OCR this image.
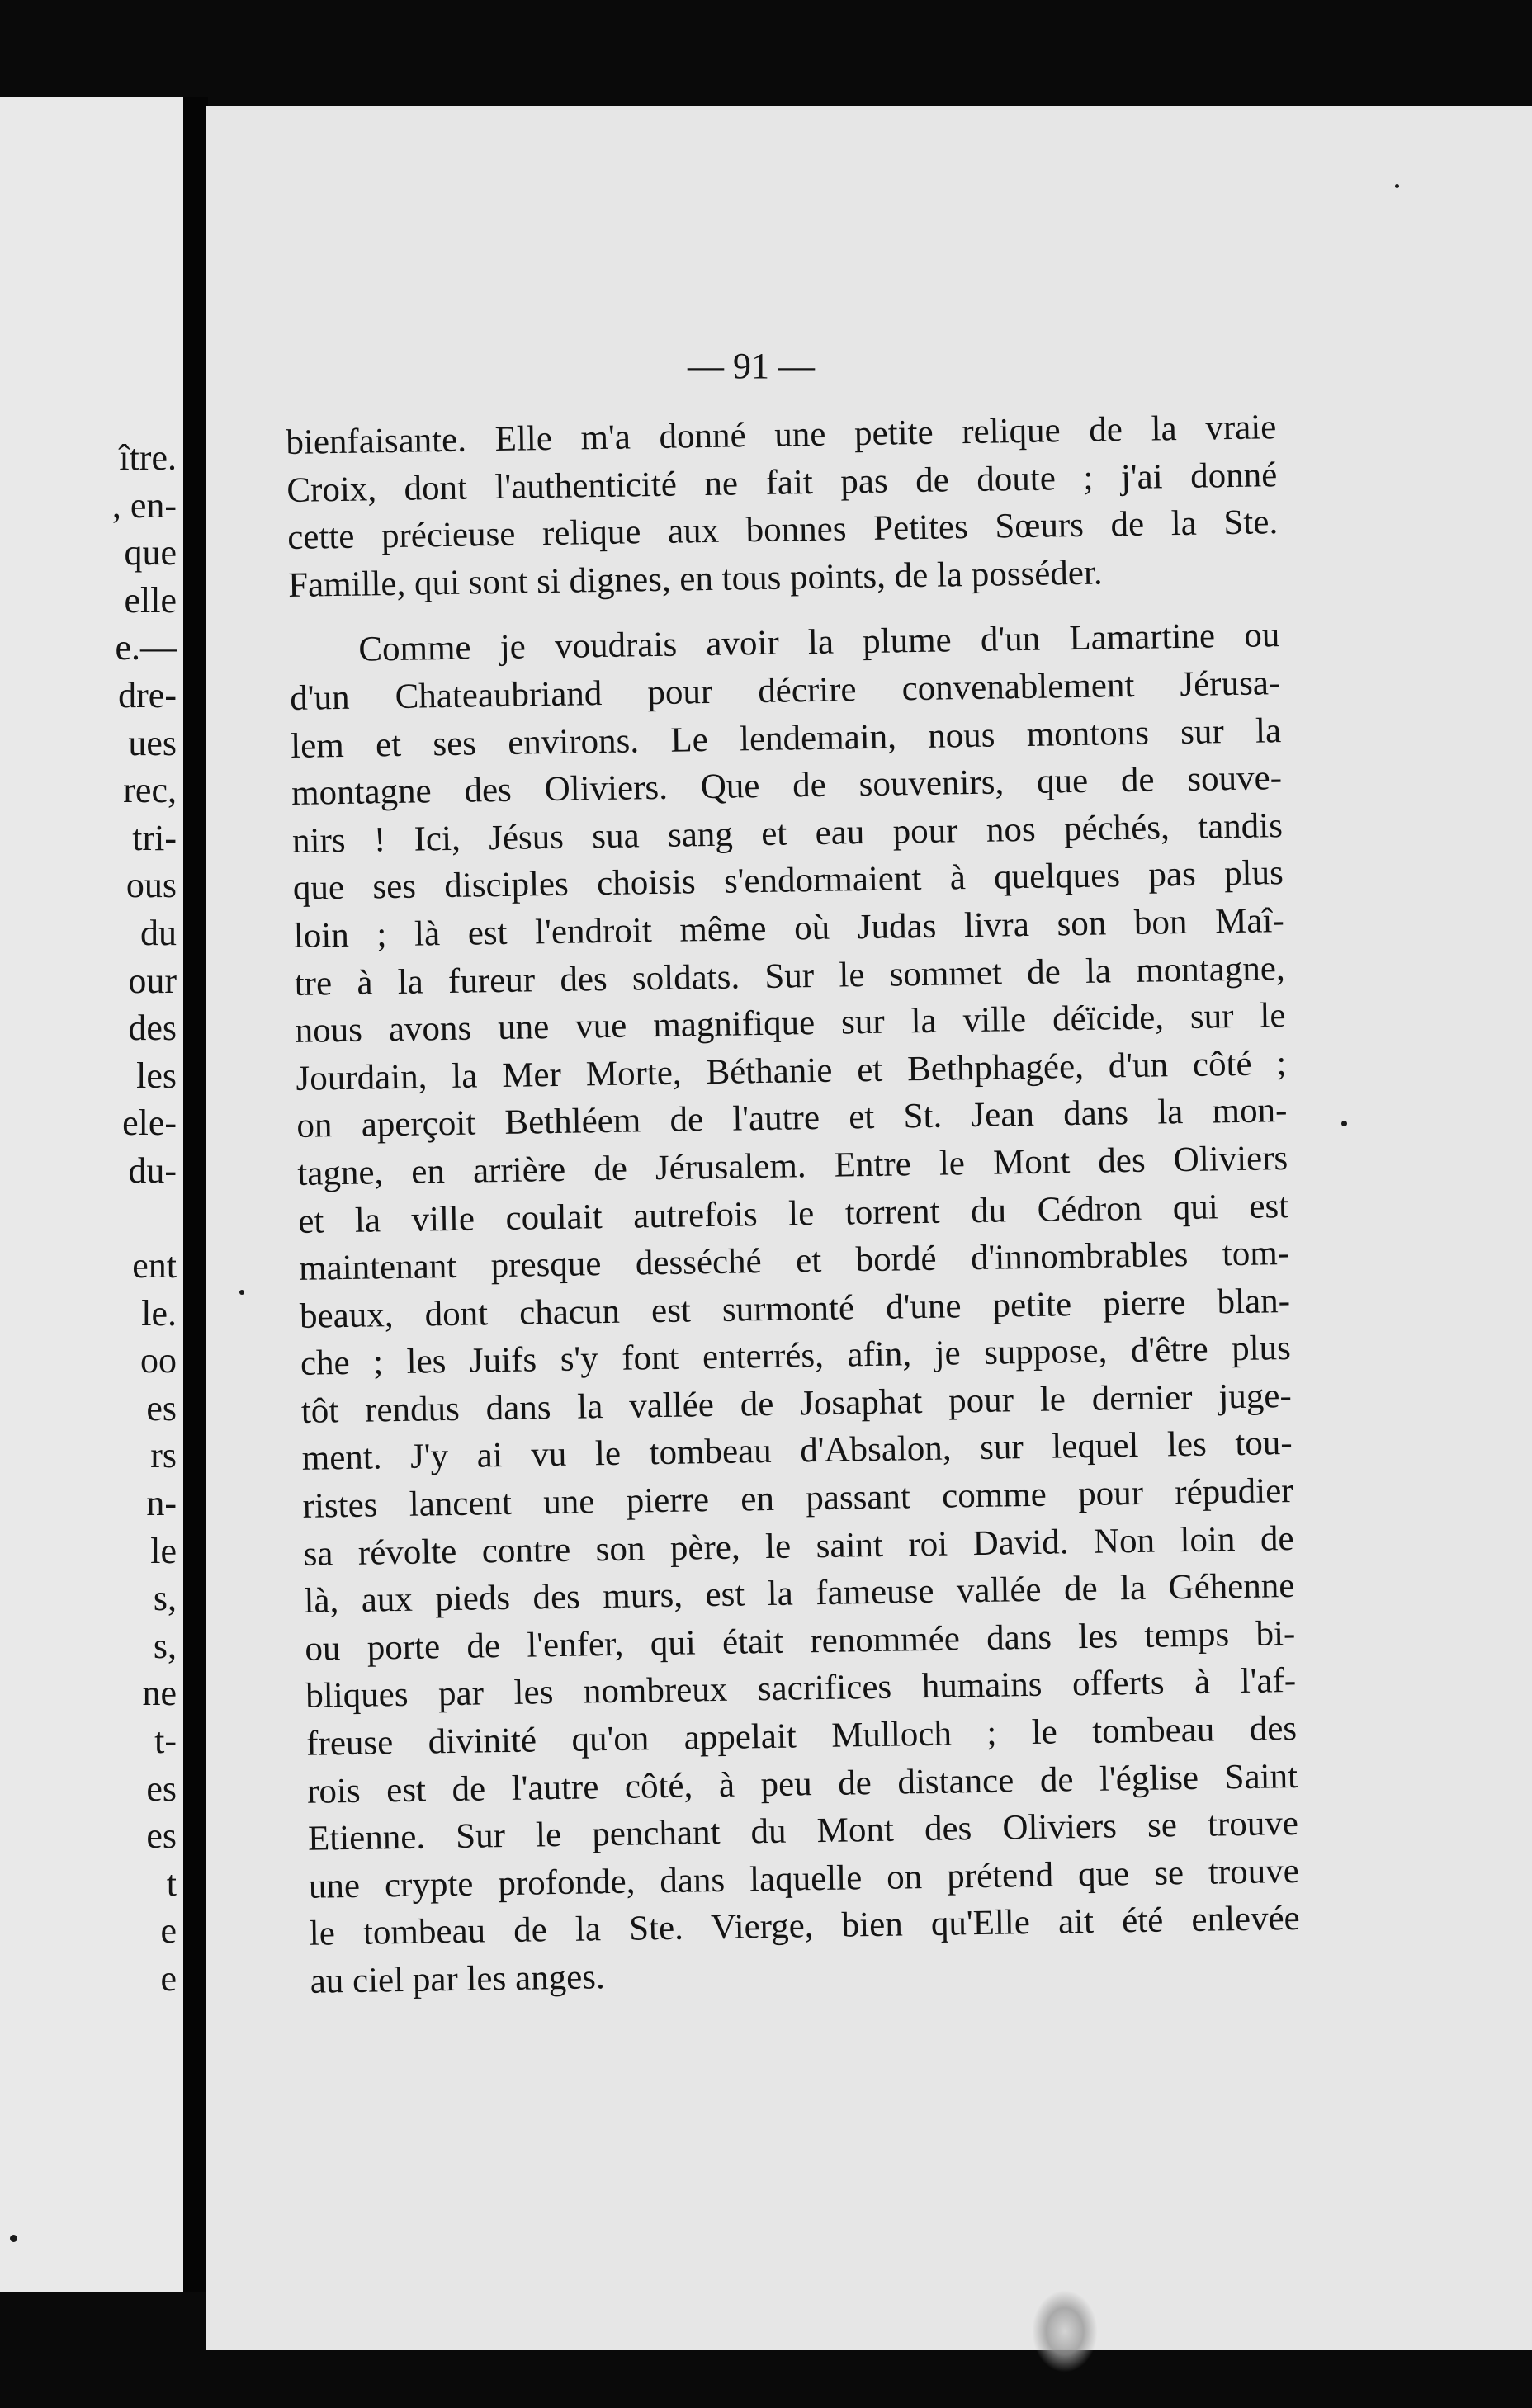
ître.
, en-
que
elle
e.—
dre-
ues
rec,
tri-
ous
du
our
des
les
ele-
du-

ent
le.
oo
es
rs
n-
le
s,
s,
ne
t-
es
es
t
e
e
— 91 —
bienfaisante. Elle m'a donné une petite relique de la vraie
Croix, dont l'authenticité ne fait pas de doute ; j'ai donné
cette précieuse relique aux bonnes Petites Sœurs de la Ste.
Famille, qui sont si dignes, en tous points, de la posséder.
Comme je voudrais avoir la plume d'un Lamartine ou
d'un Chateaubriand pour décrire convenablement Jérusa-
lem et ses environs. Le lendemain, nous montons sur la
montagne des Oliviers. Que de souvenirs, que de souve-
nirs ! Ici, Jésus sua sang et eau pour nos péchés, tandis
que ses disciples choisis s'endormaient à quelques pas plus
loin ; là est l'endroit même où Judas livra son bon Maî-
tre à la fureur des soldats. Sur le sommet de la montagne,
nous avons une vue magnifique sur la ville déïcide, sur le
Jourdain, la Mer Morte, Béthanie et Bethphagée, d'un côté ;
on aperçoit Bethléem de l'autre et St. Jean dans la mon-
tagne, en arrière de Jérusalem. Entre le Mont des Oliviers
et la ville coulait autrefois le torrent du Cédron qui est
maintenant presque desséché et bordé d'innombrables tom-
beaux, dont chacun est surmonté d'une petite pierre blan-
che ; les Juifs s'y font enterrés, afin, je suppose, d'être plus
tôt rendus dans la vallée de Josaphat pour le dernier juge-
ment. J'y ai vu le tombeau d'Absalon, sur lequel les tou-
ristes lancent une pierre en passant comme pour répudier
sa révolte contre son père, le saint roi David. Non loin de
là, aux pieds des murs, est la fameuse vallée de la Géhenne
ou porte de l'enfer, qui était renommée dans les temps bi-
bliques par les nombreux sacrifices humains offerts à l'af-
freuse divinité qu'on appelait Mulloch ; le tombeau des
rois est de l'autre côté, à peu de distance de l'église Saint
Etienne. Sur le penchant du Mont des Oliviers se trouve
une crypte profonde, dans laquelle on prétend que se trouve
le tombeau de la Ste. Vierge, bien qu'Elle ait été enlevée
au ciel par les anges.
